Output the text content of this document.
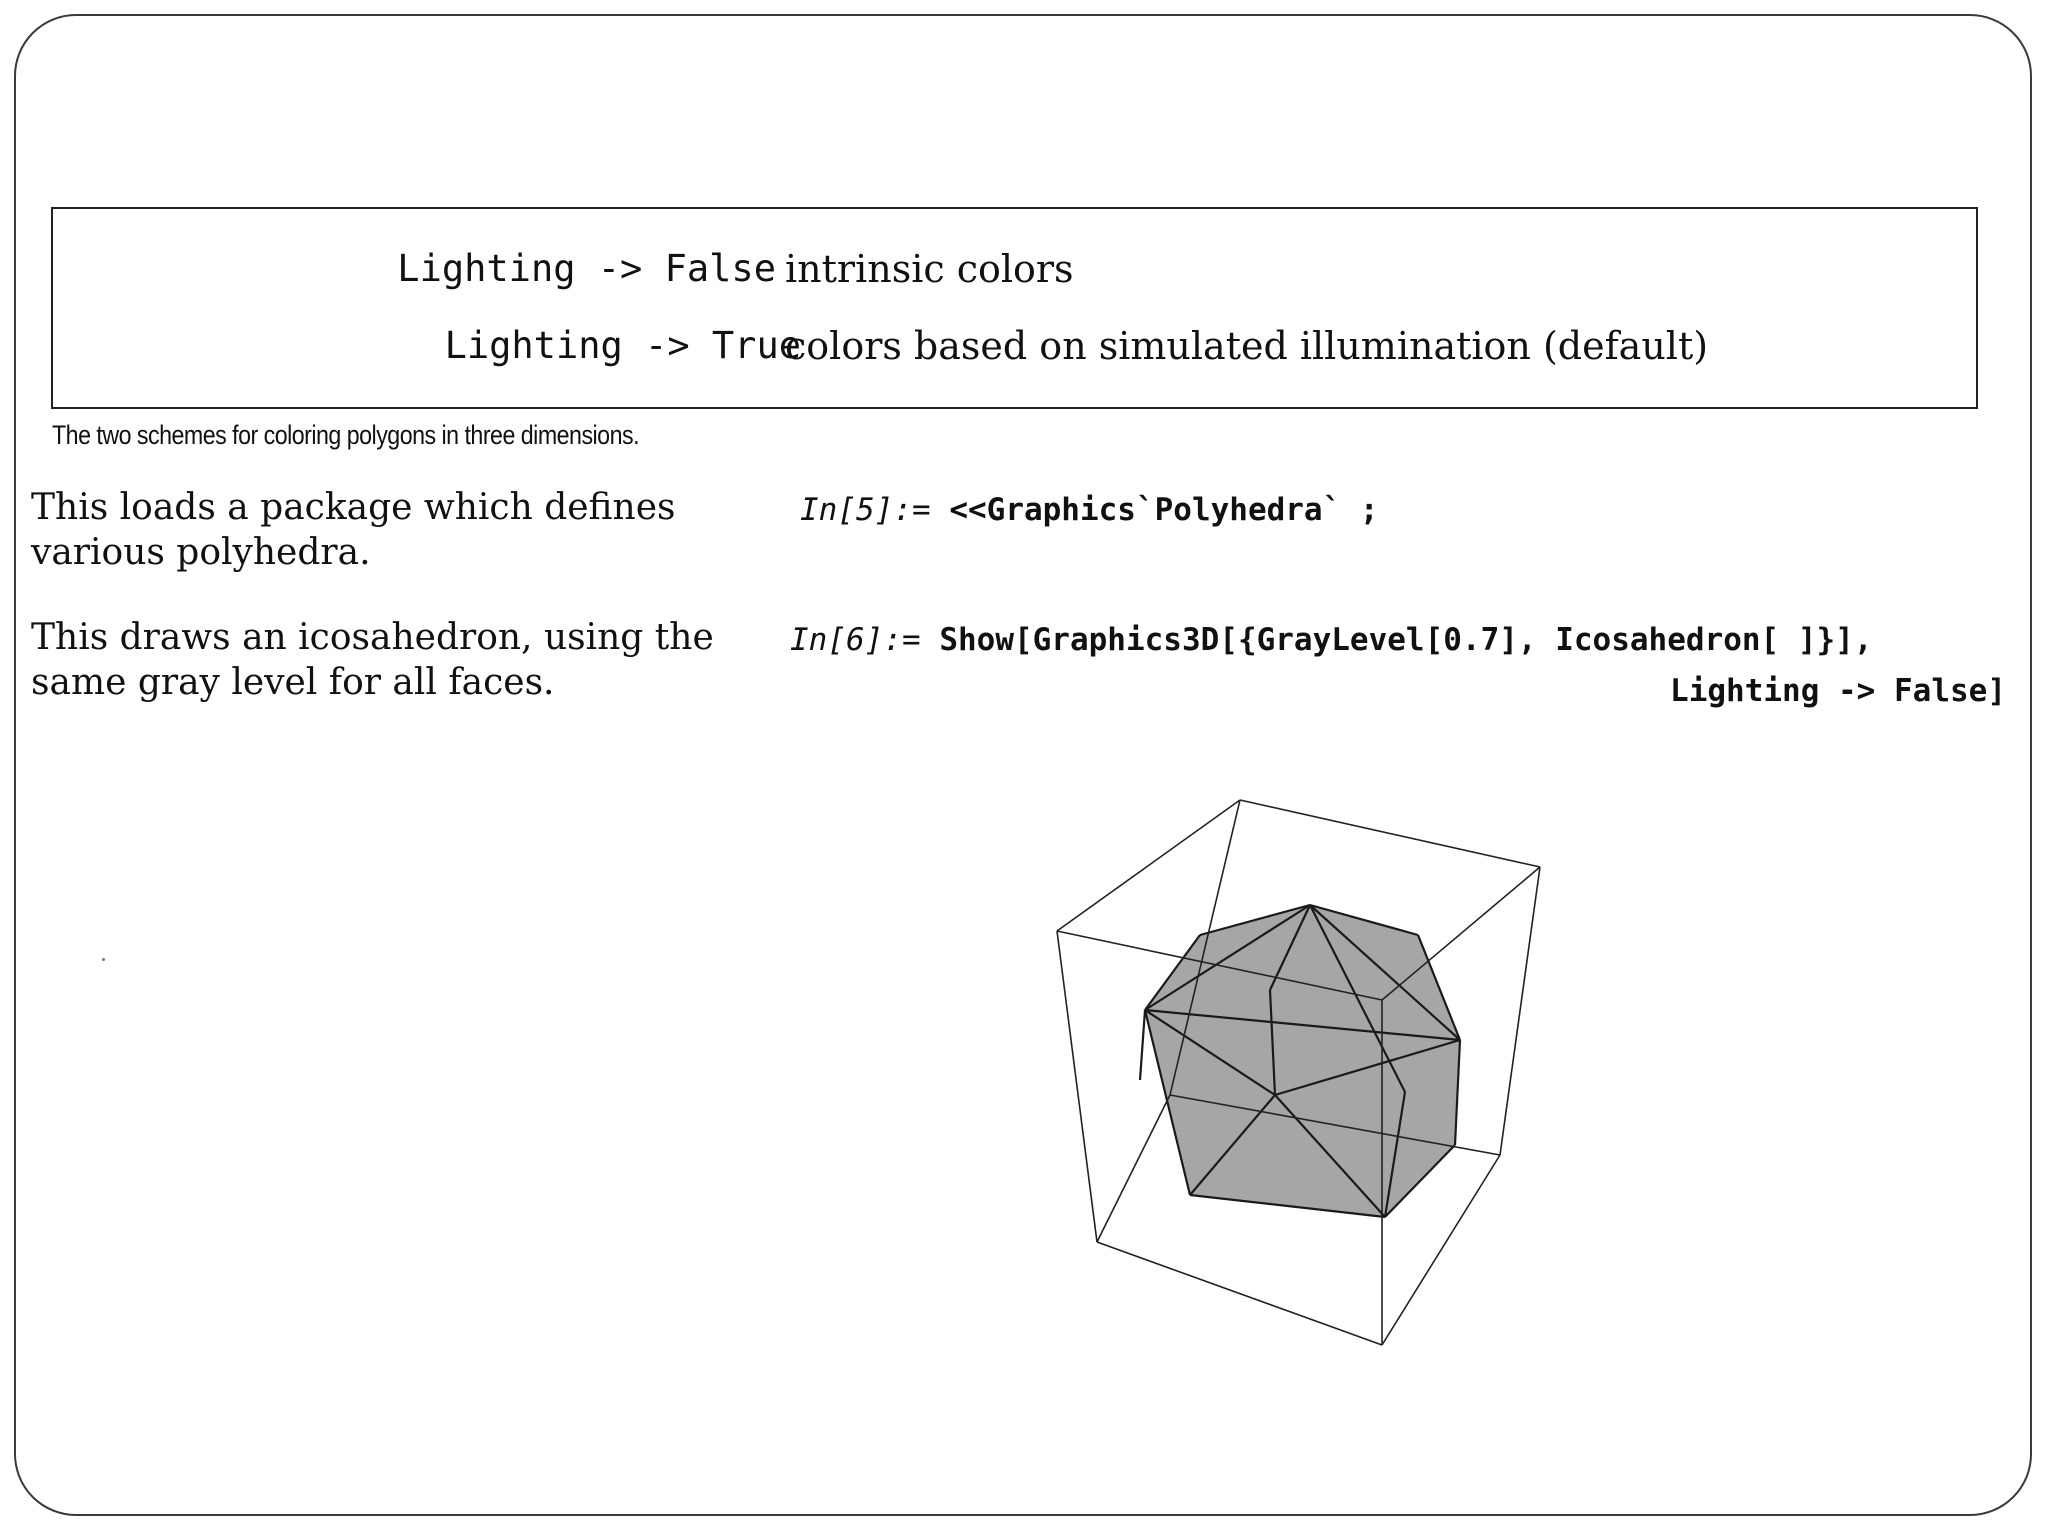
Lighting -> False intrinsic colors
Lighting -> True
colors based on simulated illumination (default)
The two schemes for coloring polygons in three dimensions.
This loads a package which defines various polyhedra.
In[5]:= <<Graphics`Polyhedra` ;
This draws an icosahedron, using the same gray level for all faces.
In[6]:= Show[Graphics3D[{GrayLevel[0.7], Icosahedron[ ]}],
Lighting -> False]
